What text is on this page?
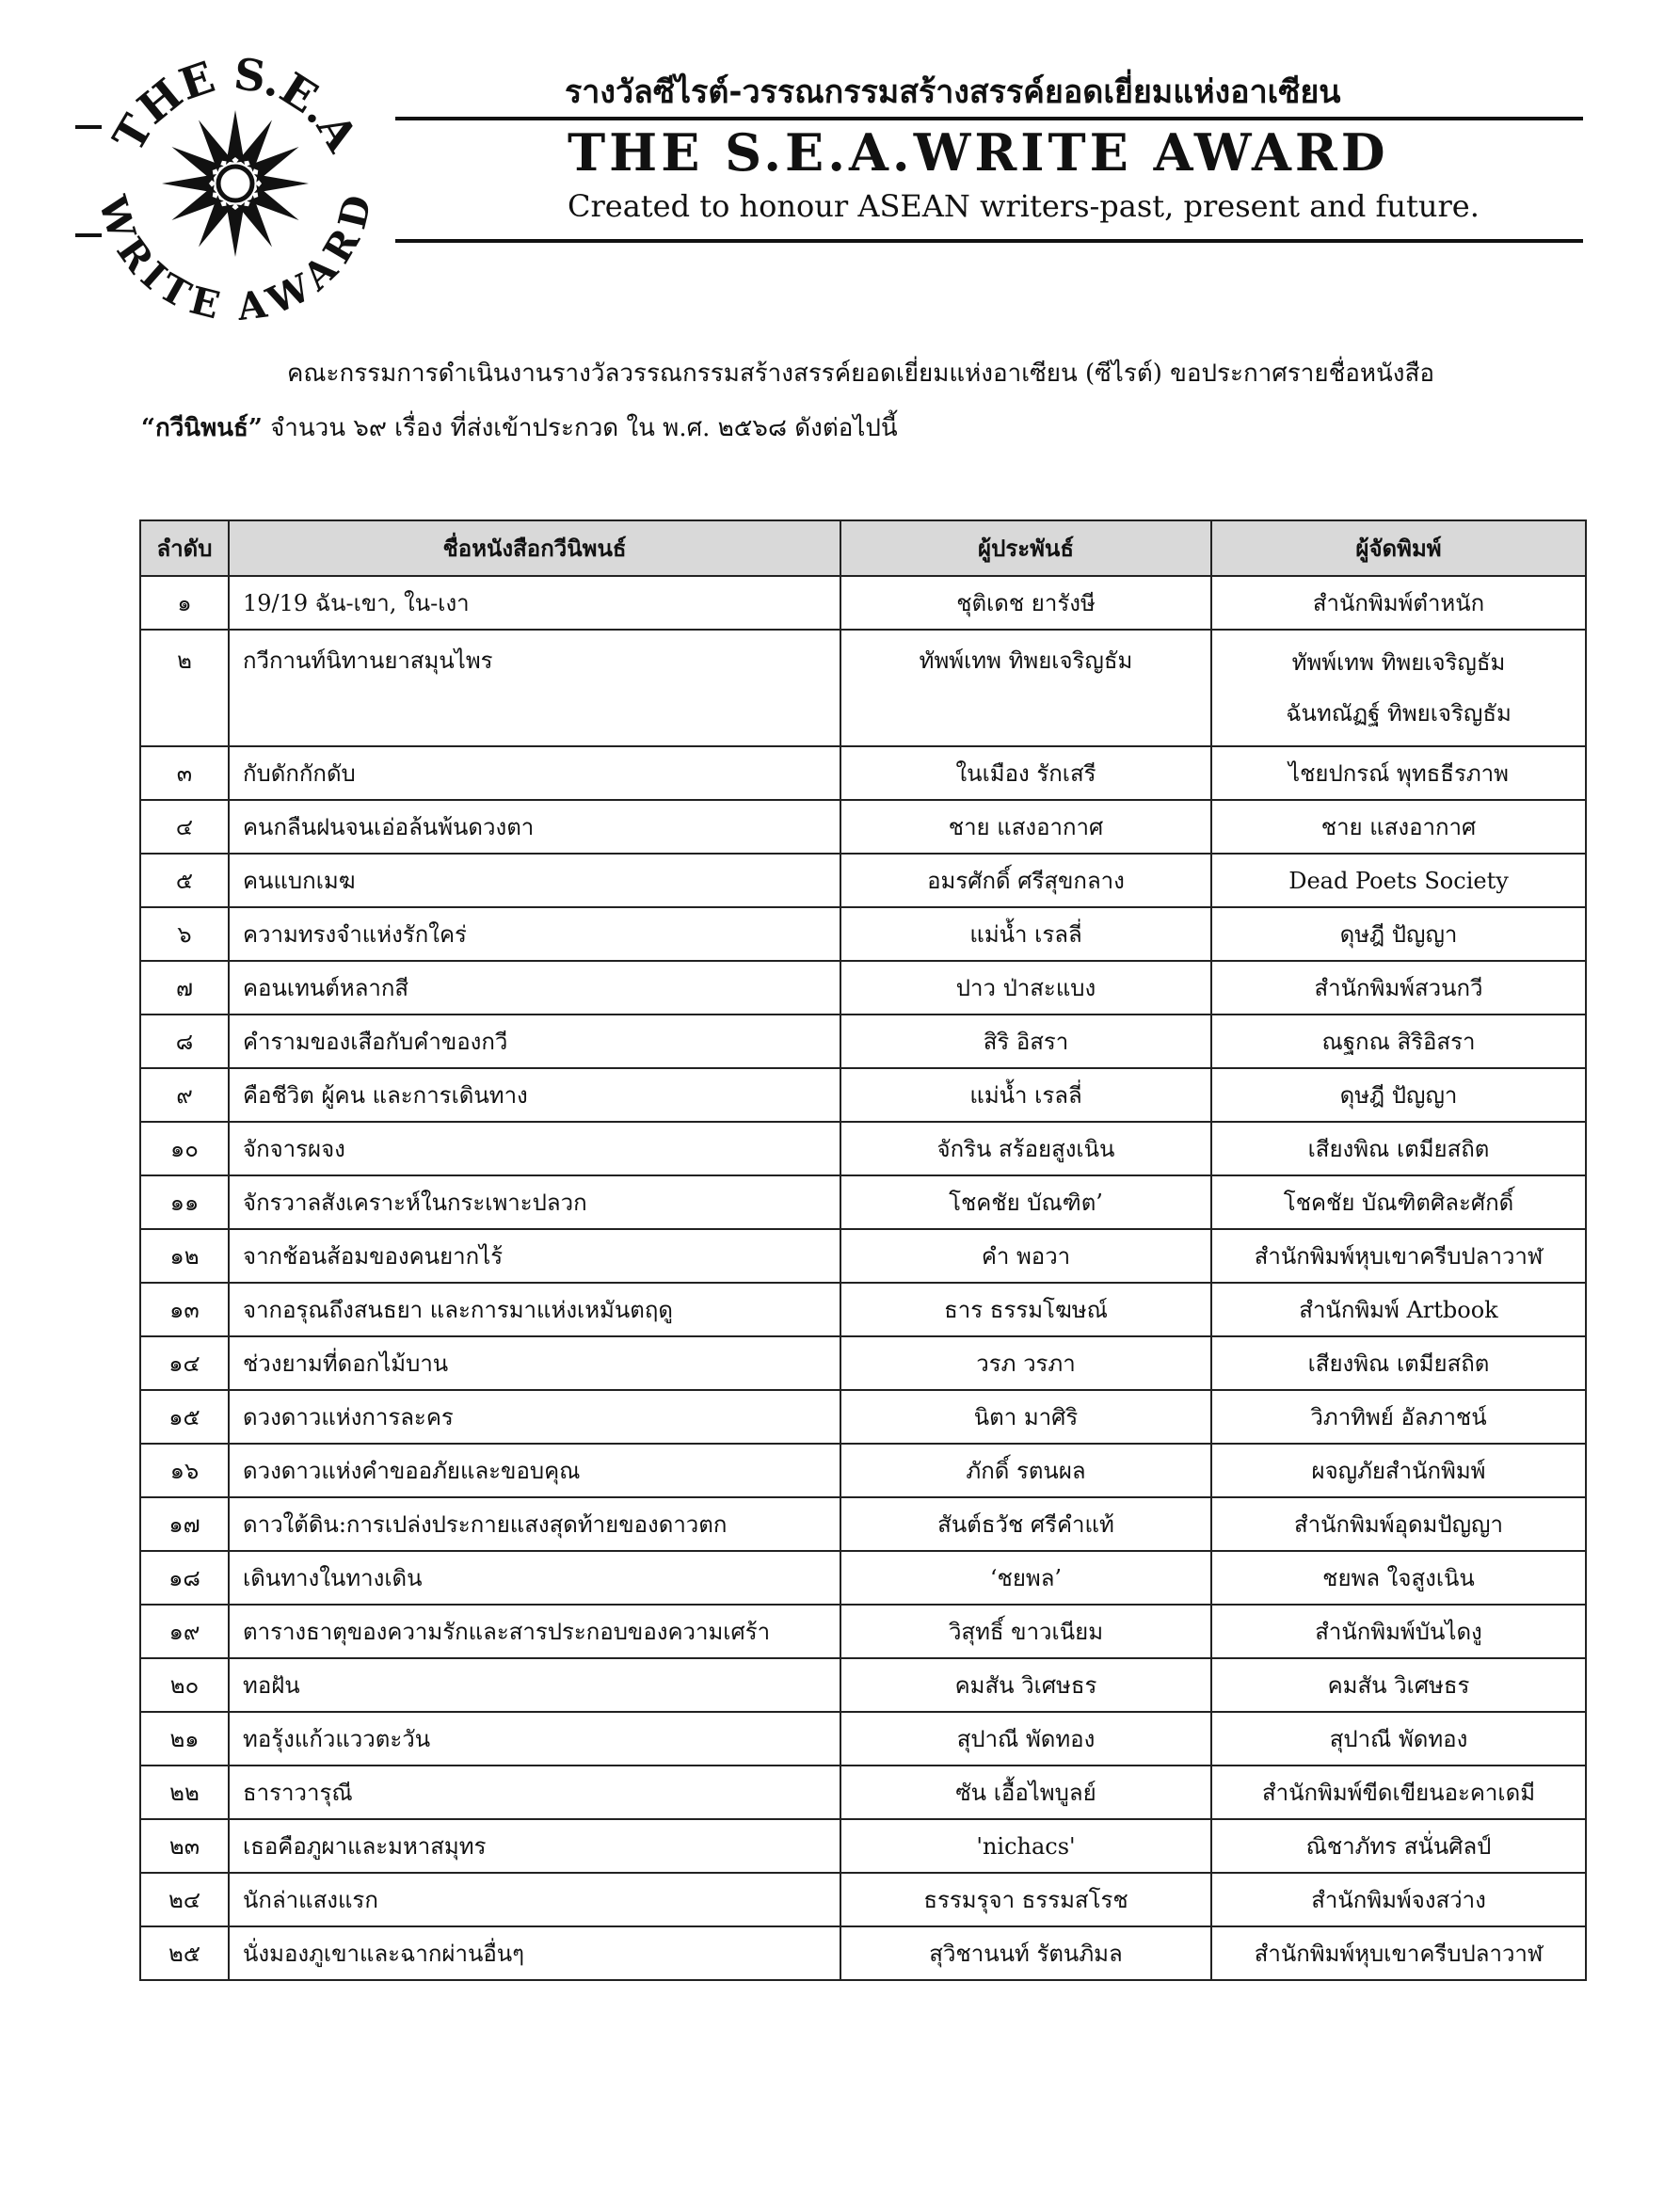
THE S.E.A
WRITE AWARD
รางวัลซีไรต์-วรรณกรรมสร้างสรรค์ยอดเยี่ยมแห่งอาเซียน
THE S.E.A.WRITE AWARD
Created to honour ASEAN writers-past, present and future.
คณะกรรมการดำเนินงานรางวัลวรรณกรรมสร้างสรรค์ยอดเยี่ยมแห่งอาเซียน (ซีไรต์) ขอประกาศรายชื่อหนังสือ
“กวีนิพนธ์” จำนวน ๖๙ เรื่อง ที่ส่งเข้าประกวด ใน พ.ศ. ๒๕๖๘ ดังต่อไปนี้
ลำดับ	ชื่อหนังสือกวีนิพนธ์	ผู้ประพันธ์	ผู้จัดพิมพ์
๑	19/19 ฉัน-เขา, ใน-เงา	ชุติเดช ยารังษี	สำนักพิมพ์ตำหนัก
๒	กวีกานท์นิทานยาสมุนไพร	ทัพพ์เทพ ทิพยเจริญธัม	ทัพพ์เทพ ทิพยเจริญธัม
ฉันทณัฏฐ์ ทิพยเจริญธัม

๓	กับดักกักดับ	ในเมือง รักเสรี	ไชยปกรณ์ พุทธธีรภาพ
๔	คนกลืนฝนจนเอ่อล้นพ้นดวงตา	ชาย แสงอากาศ	ชาย แสงอากาศ
๕	คนแบกเมฆ	อมรศักดิ์ ศรีสุขกลาง	Dead Poets Society
๖	ความทรงจำแห่งรักใคร่	แม่น้ำ เรลลี่	ดุษฎี ปัญญา
๗	คอนเทนต์หลากสี	ปาว ป่าสะแบง	สำนักพิมพ์สวนกวี
๘	คำรามของเสือกับคำของกวี	สิริ อิสรา	ณฐกณ สิริอิสรา
๙	คือชีวิต ผู้คน และการเดินทาง	แม่น้ำ เรลลี่	ดุษฎี ปัญญา
๑๐	จักจารผจง	จักริน สร้อยสูงเนิน	เสียงพิณ เตมียสถิต
๑๑	จักรวาลสังเคราะห์ในกระเพาะปลวก	โชคชัย บัณฑิต’	โชคชัย บัณฑิตศิละศักดิ์
๑๒	จากช้อนส้อมของคนยากไร้	คำ พอวา	สำนักพิมพ์หุบเขาครีบปลาวาฬ
๑๓	จากอรุณถึงสนธยา และการมาแห่งเหมันตฤดู	ธาร ธรรมโฆษณ์	สำนักพิมพ์ Artbook
๑๔	ช่วงยามที่ดอกไม้บาน	วรภ วรภา	เสียงพิณ เตมียสถิต
๑๕	ดวงดาวแห่งการละคร	นิตา มาศิริ	วิภาทิพย์ อัลภาชน์
๑๖	ดวงดาวแห่งคำขออภัยและขอบคุณ	ภักดิ์ รตนผล	ผจญภัยสำนักพิมพ์
๑๗	ดาวใต้ดิน:การเปล่งประกายแสงสุดท้ายของดาวตก	สันต์ธวัช ศรีคำแท้	สำนักพิมพ์อุดมปัญญา
๑๘	เดินทางในทางเดิน	‘ชยพล’	ชยพล ใจสูงเนิน
๑๙	ตารางธาตุของความรักและสารประกอบของความเศร้า	วิสุทธิ์ ขาวเนียม	สำนักพิมพ์บันไดงู
๒๐	ทอฝัน	คมสัน วิเศษธร	คมสัน วิเศษธร
๒๑	ทอรุ้งแก้วแววตะวัน	สุปาณี พัดทอง	สุปาณี พัดทอง
๒๒	ธาราวารุณี	ซัน เอื้อไพบูลย์	สำนักพิมพ์ขีดเขียนอะคาเดมี
๒๓	เธอคือภูผาและมหาสมุทร	'nichacs'	ณิชาภัทร สนั่นศิลป์
๒๔	นักล่าแสงแรก	ธรรมรุจา ธรรมสโรช	สำนักพิมพ์จงสว่าง
๒๕	นั่งมองภูเขาและฉากผ่านอื่นๆ	สุวิชานนท์ รัตนภิมล	สำนักพิมพ์หุบเขาครีบปลาวาฬ
